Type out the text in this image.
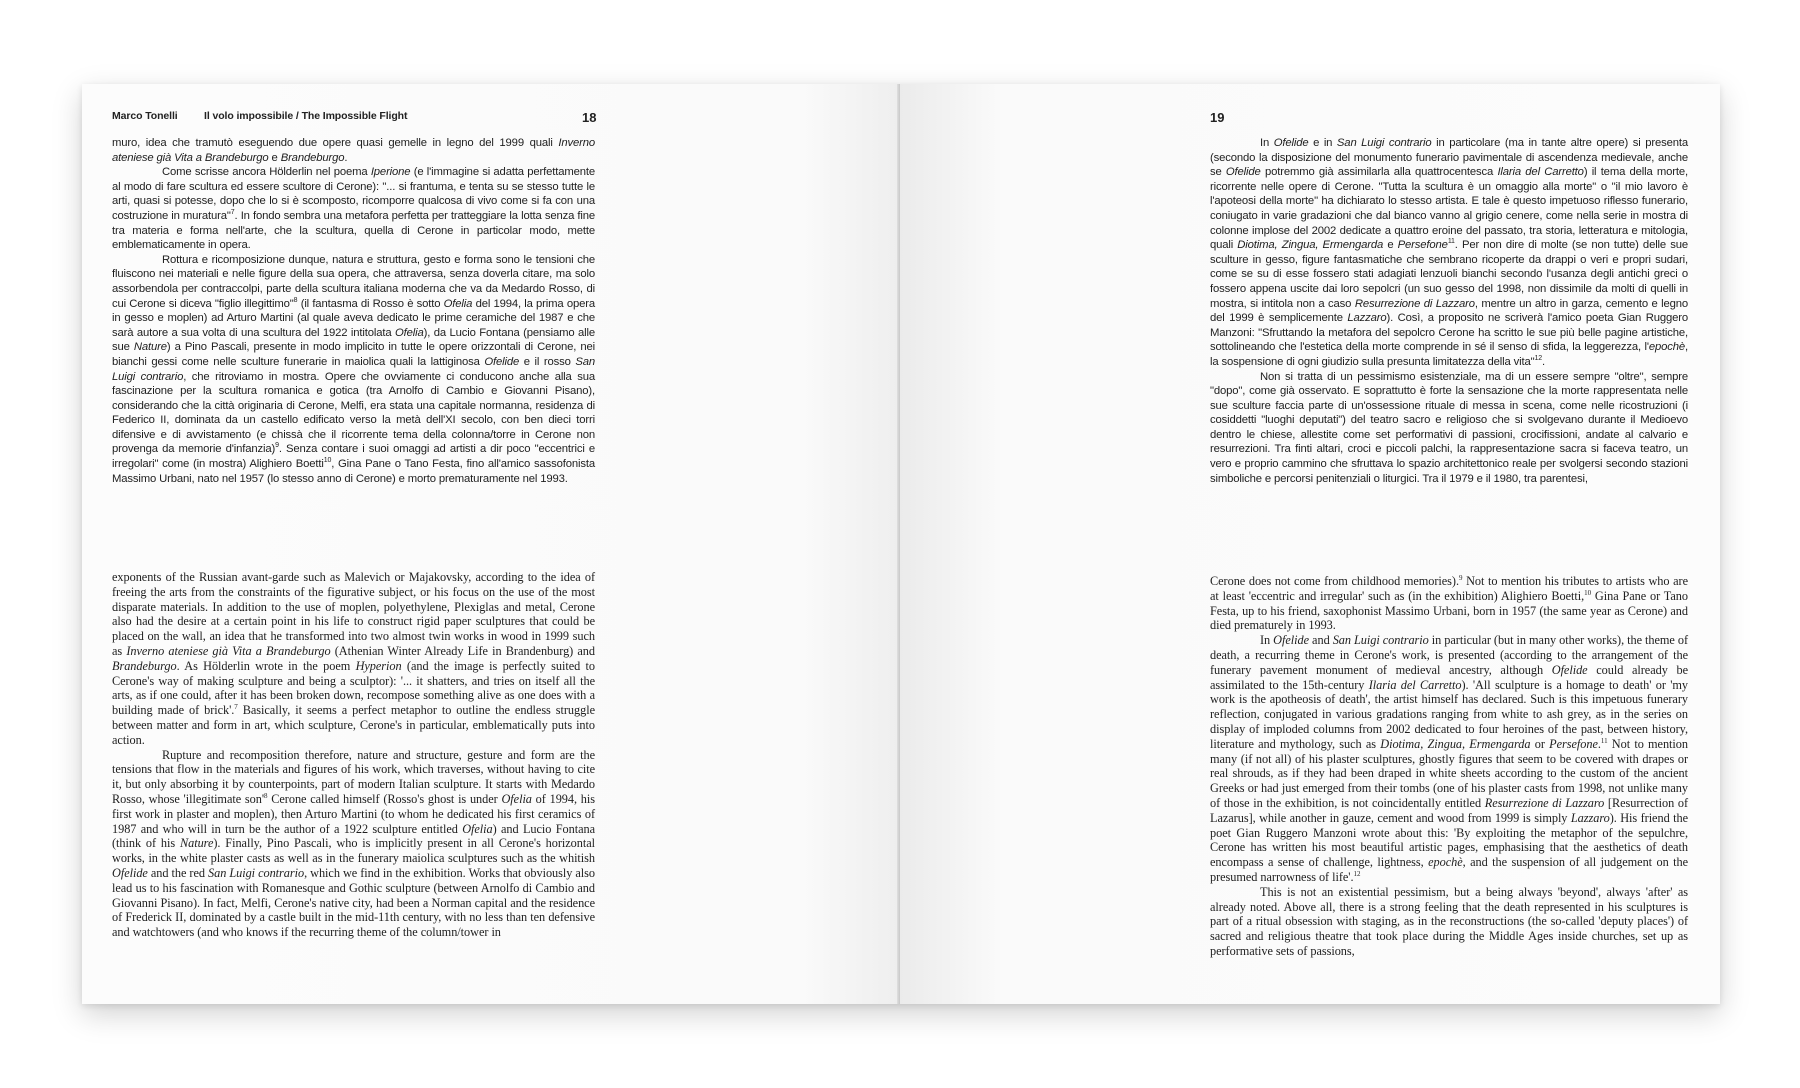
Marco Tonelli	Il volo impossibile / The Impossible Flight	18

muro, idea che tramutò eseguendo due opere quasi gemelle in legno del 1999 quali Inverno ateniese già Vita a Brandeburgo e Brandeburgo.

Come scrisse ancora Hölderlin nel poema Iperione (e l'immagine si adatta perfettamente al modo di fare scultura ed essere scultore di Cerone): "... si frantuma, e tenta su se stesso tutte le arti, quasi si potesse, dopo che lo si è scomposto, ricomporre qualcosa di vivo come si fa con una costruzione in muratura"$^7$. In fondo sembra una metafora perfetta per tratteggiare la lotta senza fine tra materia e forma nell'arte, che la scultura, quella di Cerone in particolar modo, mette emblematicamente in opera.

Rottura e ricomposizione dunque, natura e struttura, gesto e forma sono le tensioni che fluiscono nei materiali e nelle figure della sua opera, che attraversa, senza doverla citare, ma solo assorbendola per contraccolpi, parte della scultura italiana moderna che va da Medardo Rosso, di cui Cerone si diceva "figlio illegittimo"$^8$ (il fantasma di Rosso è sotto Ofelia del 1994, la prima opera in gesso e moplen) ad Arturo Martini (al quale aveva dedicato le prime ceramiche del 1987 e che sarà autore a sua volta di una scultura del 1922 intitolata Ofelia), da Lucio Fontana (pensiamo alle sue Nature) a Pino Pascali, presente in modo implicito in tutte le opere orizzontali di Cerone, nei bianchi gessi come nelle sculture funerarie in maiolica quali la lattiginosa Ofelide e il rosso San Luigi contrario, che ritroviamo in mostra. Opere che ovviamente ci conducono anche alla sua fascinazione per la scultura romanica e gotica (tra Arnolfo di Cambio e Giovanni Pisano), considerando che la città originaria di Cerone, Melfi, era stata una capitale normanna, residenza di Federico II, dominata da un castello edificato verso la metà dell'XI secolo, con ben dieci torri difensive e di avvistamento (e chissà che il ricorrente tema della colonna/torre in Cerone non provenga da memorie d'infanzia)$^9$. Senza contare i suoi omaggi ad artisti a dir poco "eccentrici e irregolari" come (in mostra) Alighiero Boetti$^{10}$, Gina Pane o Tano Festa, fino all'amico sassofonista Massimo Urbani, nato nel 1957 (lo stesso anno di Cerone) e morto prematuramente nel 1993.

exponents of the Russian avant-garde such as Malevich or Majakovsky, according to the idea of freeing the arts from the constraints of the figurative subject, or his focus on the use of the most disparate materials. In addition to the use of moplen, polyethylene, Plexiglas and metal, Cerone also had the desire at a certain point in his life to construct rigid paper sculptures that could be placed on the wall, an idea that he transformed into two almost twin works in wood in 1999 such as Inverno ateniese già Vita a Brandeburgo (Athenian Winter Already Life in Brandenburg) and Brandeburgo. As Hölderlin wrote in the poem Hyperion (and the image is perfectly suited to Cerone's way of making sculpture and being a sculptor): '... it shatters, and tries on itself all the arts, as if one could, after it has been broken down, recompose something alive as one does with a building made of brick'.$^7$ Basically, it seems a perfect metaphor to outline the endless struggle between matter and form in art, which sculpture, Cerone's in particular, emblematically puts into action.

Rupture and recomposition therefore, nature and structure, gesture and form are the tensions that flow in the materials and figures of his work, which traverses, without having to cite it, but only absorbing it by counterpoints, part of modern Italian sculpture. It starts with Medardo Rosso, whose 'illegitimate $son'^8$ Cerone called himself (Rosso's ghost is under Ofelia of 1994, his first work in plaster and moplen), then Arturo Martini (to whom he dedicated his first ceramics of 1987 and who will in turn be the author of a 1922 sculpture entitled Ofelia) and Lucio Fontana (think of his Nature). Finally, Pino Pascali, who is implicitly present in all Cerone's horizontal works, in the white plaster casts as well as in the funerary maiolica sculptures such as the whitish Ofelide and the red San Luigi contrario, which we find in the exhibition. Works that obviously also lead us to his fascination with Romanesque and Gothic sculpture (between Arnolfo di Cambio and Giovanni Pisano). In fact, Melfi, Cerone's native city, had been a Norman capital and the residence of Frederick II, dominated by a castle built in the mid-11th century, with no less than ten defensive and watchtowers (and who knows if the recurring theme of the column/tower in

19

In Ofelide e in San Luigi contrario in particolare (ma in tante altre opere) si presenta (secondo la disposizione del monumento funerario pavimentale di ascendenza medievale, anche se Ofelide potremmo già assimilarla alla quattrocentesca Ilaria del Carretto) il tema della morte, ricorrente nelle opere di Cerone. "Tutta la scultura è un omaggio alla morte" o "il mio lavoro è l'apoteosi della morte" ha dichiarato lo stesso artista. E tale è questo impetuoso riflesso funerario, coniugato in varie gradazioni che dal bianco vanno al grigio cenere, come nella serie in mostra di colonne implose del 2002 dedicate a quattro eroine del passato, tra storia, letteratura e mitologia, quali Diotima, Zingua, Ermengarda e Persefone$^{11}$. Per non dire di molte (se non tutte) delle sue sculture in gesso, figure fantasmatiche che sembrano ricoperte da drappi o veri e propri sudari, come se su di esse fossero stati adagiati lenzuoli bianchi secondo l'usanza degli antichi greci o fossero appena uscite dai loro sepolcri (un suo gesso del 1998, non dissimile da molti di quelli in mostra, si intitola non a caso Resurrezione di Lazzaro, mentre un altro in garza, cemento e legno del 1999 è semplicemente Lazzaro). Così, a proposito ne scriverà l'amico poeta Gian Ruggero Manzoni: "Sfruttando la metafora del sepolcro Cerone ha scritto le sue più belle pagine artistiche, sottolineando che l'estetica della morte comprende in sé il senso di sfida, la leggerezza, l'epochè, la sospensione di ogni giudizio sulla presunta limitatezza della vita"$^{12}$.

Non si tratta di un pessimismo esistenziale, ma di un essere sempre "oltre", sempre "dopo", come già osservato. E soprattutto è forte la sensazione che la morte rappresentata nelle sue sculture faccia parte di un'ossessione rituale di messa in scena, come nelle ricostruzioni (i cosiddetti "luoghi deputati") del teatro sacro e religioso che si svolgevano durante il Medioevo dentro le chiese, allestite come set performativi di passioni, crocifissioni, andate al calvario e resurrezioni. Tra finti altari, croci e piccoli palchi, la rappresentazione sacra si faceva teatro, un vero e proprio cammino che sfruttava lo spazio architettonico reale per svolgersi secondo stazioni simboliche e percorsi penitenziali o liturgici. Tra il 1979 e il 1980, tra parentesi,

Cerone does not come from childhood memories).$^9$ Not to mention his tributes to artists who are at least 'eccentric and irregular' such as (in the exhibition) Alighiero Boetti,$^{10}$ Gina Pane or Tano Festa, up to his friend, saxophonist Massimo Urbani, born in 1957 (the same year as Cerone) and died prematurely in 1993.

In Ofelide and San Luigi contrario in particular (but in many other works), the theme of death, a recurring theme in Cerone's work, is presented (according to the arrangement of the funerary pavement monument of medieval ancestry, although Ofelide could already be assimilated to the 15th-century Ilaria del Carretto). 'All sculpture is a homage to death' or 'my work is the apotheosis of death', the artist himself has declared. Such is this impetuous funerary reflection, conjugated in various gradations ranging from white to ash grey, as in the series on display of imploded columns from 2002 dedicated to four heroines of the past, between history, literature and mythology, such as Diotima, Zingua, Ermengarda or Persefone.$^{11}$ Not to mention many (if not all) of his plaster sculptures, ghostly figures that seem to be covered with drapes or real shrouds, as if they had been draped in white sheets according to the custom of the ancient Greeks or had just emerged from their tombs (one of his plaster casts from 1998, not unlike many of those in the exhibition, is not coincidentally entitled Resurrezione di Lazzaro [Resurrection of Lazarus], while another in gauze, cement and wood from 1999 is simply Lazzaro). His friend the poet Gian Ruggero Manzoni wrote about this: 'By exploiting the metaphor of the sepulchre, Cerone has written his most beautiful artistic pages, emphasising that the aesthetics of death encompass a sense of challenge, lightness, epochè, and the suspension of all judgement on the presumed narrowness of life'.$^{12}$

This is not an existential pessimism, but a being always 'beyond', always 'after' as already noted. Above all, there is a strong feeling that the death represented in his sculptures is part of a ritual obsession with staging, as in the reconstructions (the so-called 'deputy places') of sacred and religious theatre that took place during the Middle Ages inside churches, set up as performative sets of passions,
